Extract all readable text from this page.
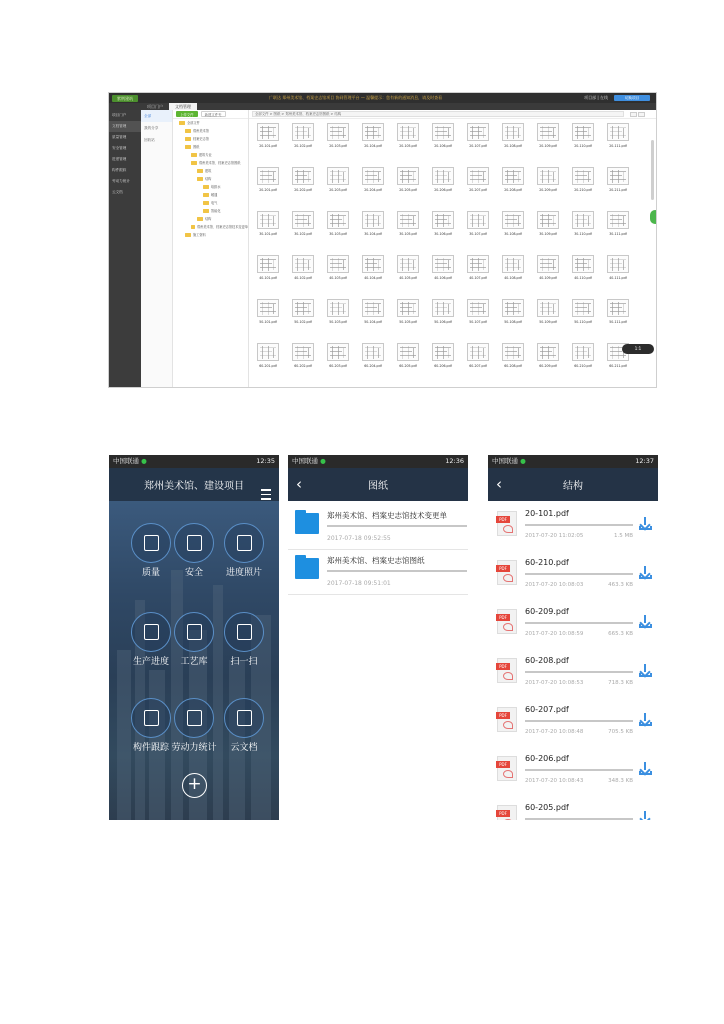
紫荆建筑	广联达 郑州美术馆、档案史志馆项目 协同管理平台 — 温馨提示：您有新的通知消息，请及时查看	项目部 | 在线	切换项目
项目门户	文档管理
项目门户
文档管理
质量管理
安全管理
进度管理
构件跟踪
劳动力统计
云文档
全部
我的分享
回收站
上传文件	新建文件夹
全部文件
郑州美术馆
档案史志馆
图纸
建筑专业
郑州美术馆、档案史志馆图纸
建筑
结构
给排水
暖通
电气
智能化
结构
郑州美术馆、档案史志馆技术变更单
施工资料
全部文件 > 图纸 > 郑州美术馆、档案史志馆图纸 > 结构
20-101.pdf	20-102.pdf	20-103.pdf	20-104.pdf	20-105.pdf	20-106.pdf	20-107.pdf	20-108.pdf	20-109.pdf	20-110.pdf	20-111.pdf
20-201.pdf	20-202.pdf	20-203.pdf	20-204.pdf	20-205.pdf	20-206.pdf	20-207.pdf	20-208.pdf	20-209.pdf	20-210.pdf	20-211.pdf
30-101.pdf	30-102.pdf	30-103.pdf	30-104.pdf	30-105.pdf	30-106.pdf	30-107.pdf	30-108.pdf	30-109.pdf	30-110.pdf	30-111.pdf
40-101.pdf	40-102.pdf	40-103.pdf	40-104.pdf	40-105.pdf	40-106.pdf	40-107.pdf	40-108.pdf	40-109.pdf	40-110.pdf	40-111.pdf
50-101.pdf	50-102.pdf	50-103.pdf	50-104.pdf	50-105.pdf	50-106.pdf	50-107.pdf	50-108.pdf	50-109.pdf	50-110.pdf	50-111.pdf
60-201.pdf	60-202.pdf	60-203.pdf	60-204.pdf	60-205.pdf	60-206.pdf	60-207.pdf	60-208.pdf	60-209.pdf	60-210.pdf	60-211.pdf
1:1
中国联通 ●	12:35
郑州美术馆、建设项目
质量	安全	进度照片
生产进度	工艺库	扫一扫
构件跟踪 劳动力统计	云文档
+
中国联通 ●	12:36
‹	图纸
郑州美术馆、档案史志馆技术变更单
2017-07-18 09:52:55
郑州美术馆、档案史志馆图纸
2017-07-18 09:51:01
中国联通 ●	12:37
‹	结构
PDF
20-101.pdf
2017-07-20 11:02:05	1.5 MB
PDF
60-210.pdf
2017-07-20 10:08:03	463.3 KB
PDF
60-209.pdf
2017-07-20 10:08:59	665.3 KB
PDF
60-208.pdf
2017-07-20 10:08:53	718.3 KB
PDF
60-207.pdf
2017-07-20 10:08:48	705.5 KB
PDF
60-206.pdf
2017-07-20 10:08:43	348.3 KB
PDF
60-205.pdf
